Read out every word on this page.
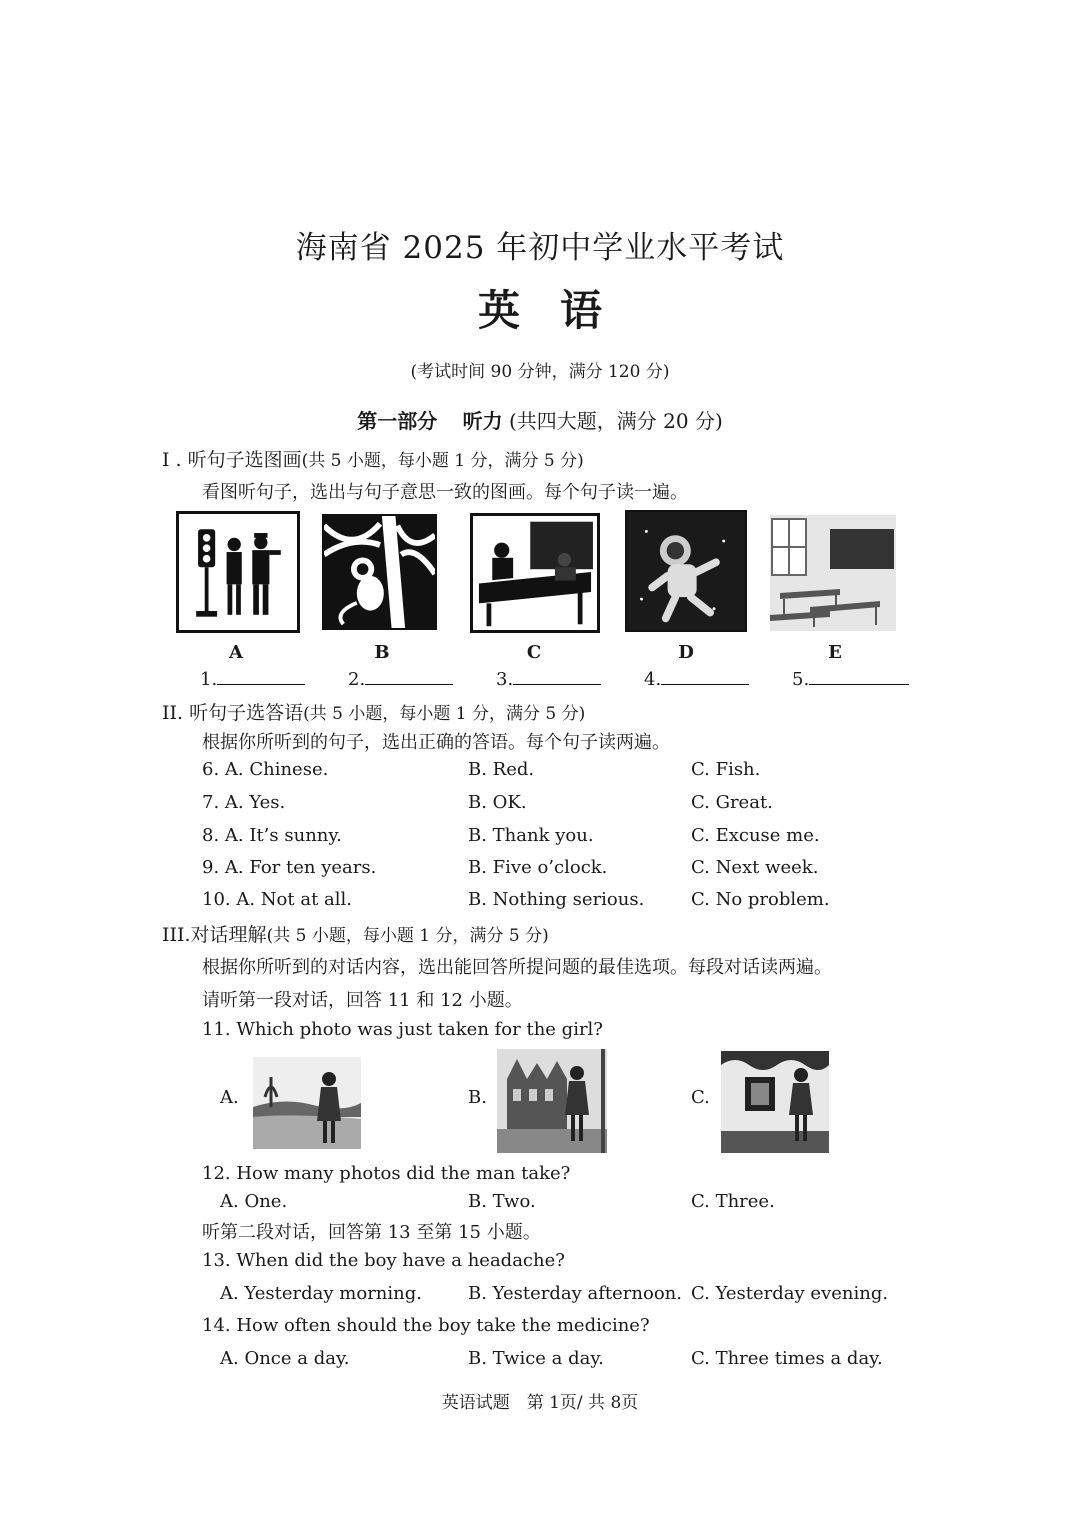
海南省 2025 年初中学业水平考试
英语
(考试时间 90 分钟，满分 120 分)
第一部分 听力 (共四大题，满分 20 分)
I . 听句子选图画(共 5 小题，每小题 1 分，满分 5 分)
看图听句子，选出与句子意思一致的图画。每个句子读一遍。
A	B	C	D	E
1.	2.	3.	4.	5.
II. 听句子选答语(共 5 小题，每小题 1 分，满分 5 分)
根据你所听到的句子，选出正确的答语。每个句子读两遍。
6. A. Chinese.	B. Red.	C. Fish.
7. A. Yes.	B. OK.	C. Great.
8. A. It’s sunny.	B. Thank you.	C. Excuse me.
9. A. For ten years.	B. Five o’clock.	C. Next week.
10. A. Not at all.	B. Nothing serious.	C. No problem.
III.对话理解(共 5 小题，每小题 1 分，满分 5 分)
根据你所听到的对话内容，选出能回答所提问题的最佳选项。每段对话读两遍。
请听第一段对话，回答 11 和 12 小题。
11. Which photo was just taken for the girl?
A.	B.	C.
12. How many photos did the man take?
A. One.	B. Two.	C. Three.
听第二段对话，回答第 13 至第 15 小题。
13. When did the boy have a headache?
A. Yesterday morning.	B. Yesterday afternoon. C. Yesterday evening.
14. How often should the boy take the medicine?
A. Once a day.	B. Twice a day.	C. Three times a day.
英语试题　第 1页/ 共 8页
